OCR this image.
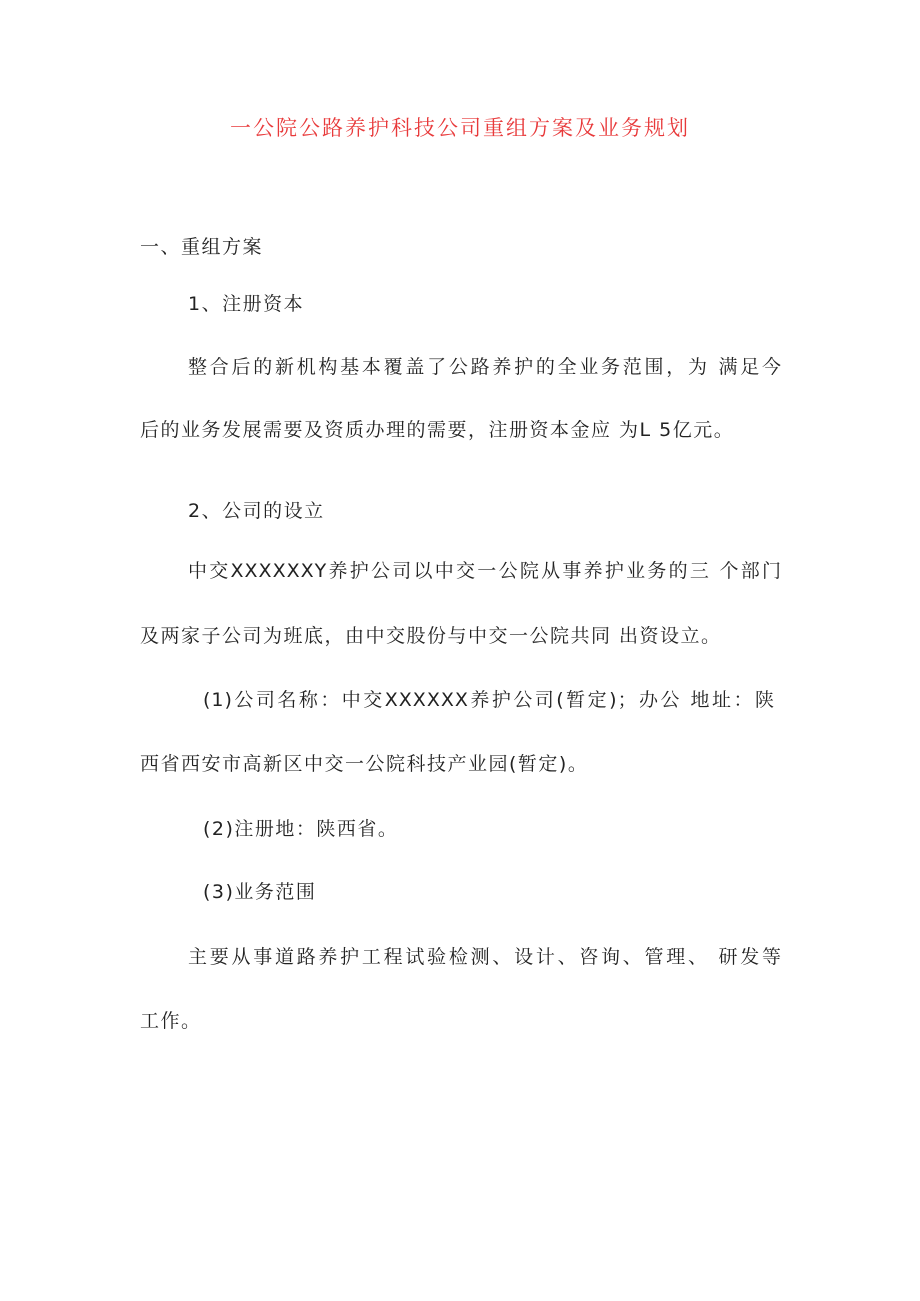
一公院公路养护科技公司重组方案及业务规划
一、重组方案
1、注册资本
整合后的新机构基本覆盖了公路养护的全业务范围，为 满足今
后的业务发展需要及资质办理的需要，注册资本金应 为L 5亿元。
2、公司的设立
中交XXXXXXY养护公司以中交一公院从事养护业务的三 个部门
及两家子公司为班底，由中交股份与中交一公院共同 出资设立。
(1)公司名称：中交XXXXXX养护公司(暂定)；办公 地址：陕
西省西安市高新区中交一公院科技产业园(暂定)。
(2)注册地：陕西省。
(3)业务范围
主要从事道路养护工程试验检测、设计、咨询、管理、 研发等
工作。
